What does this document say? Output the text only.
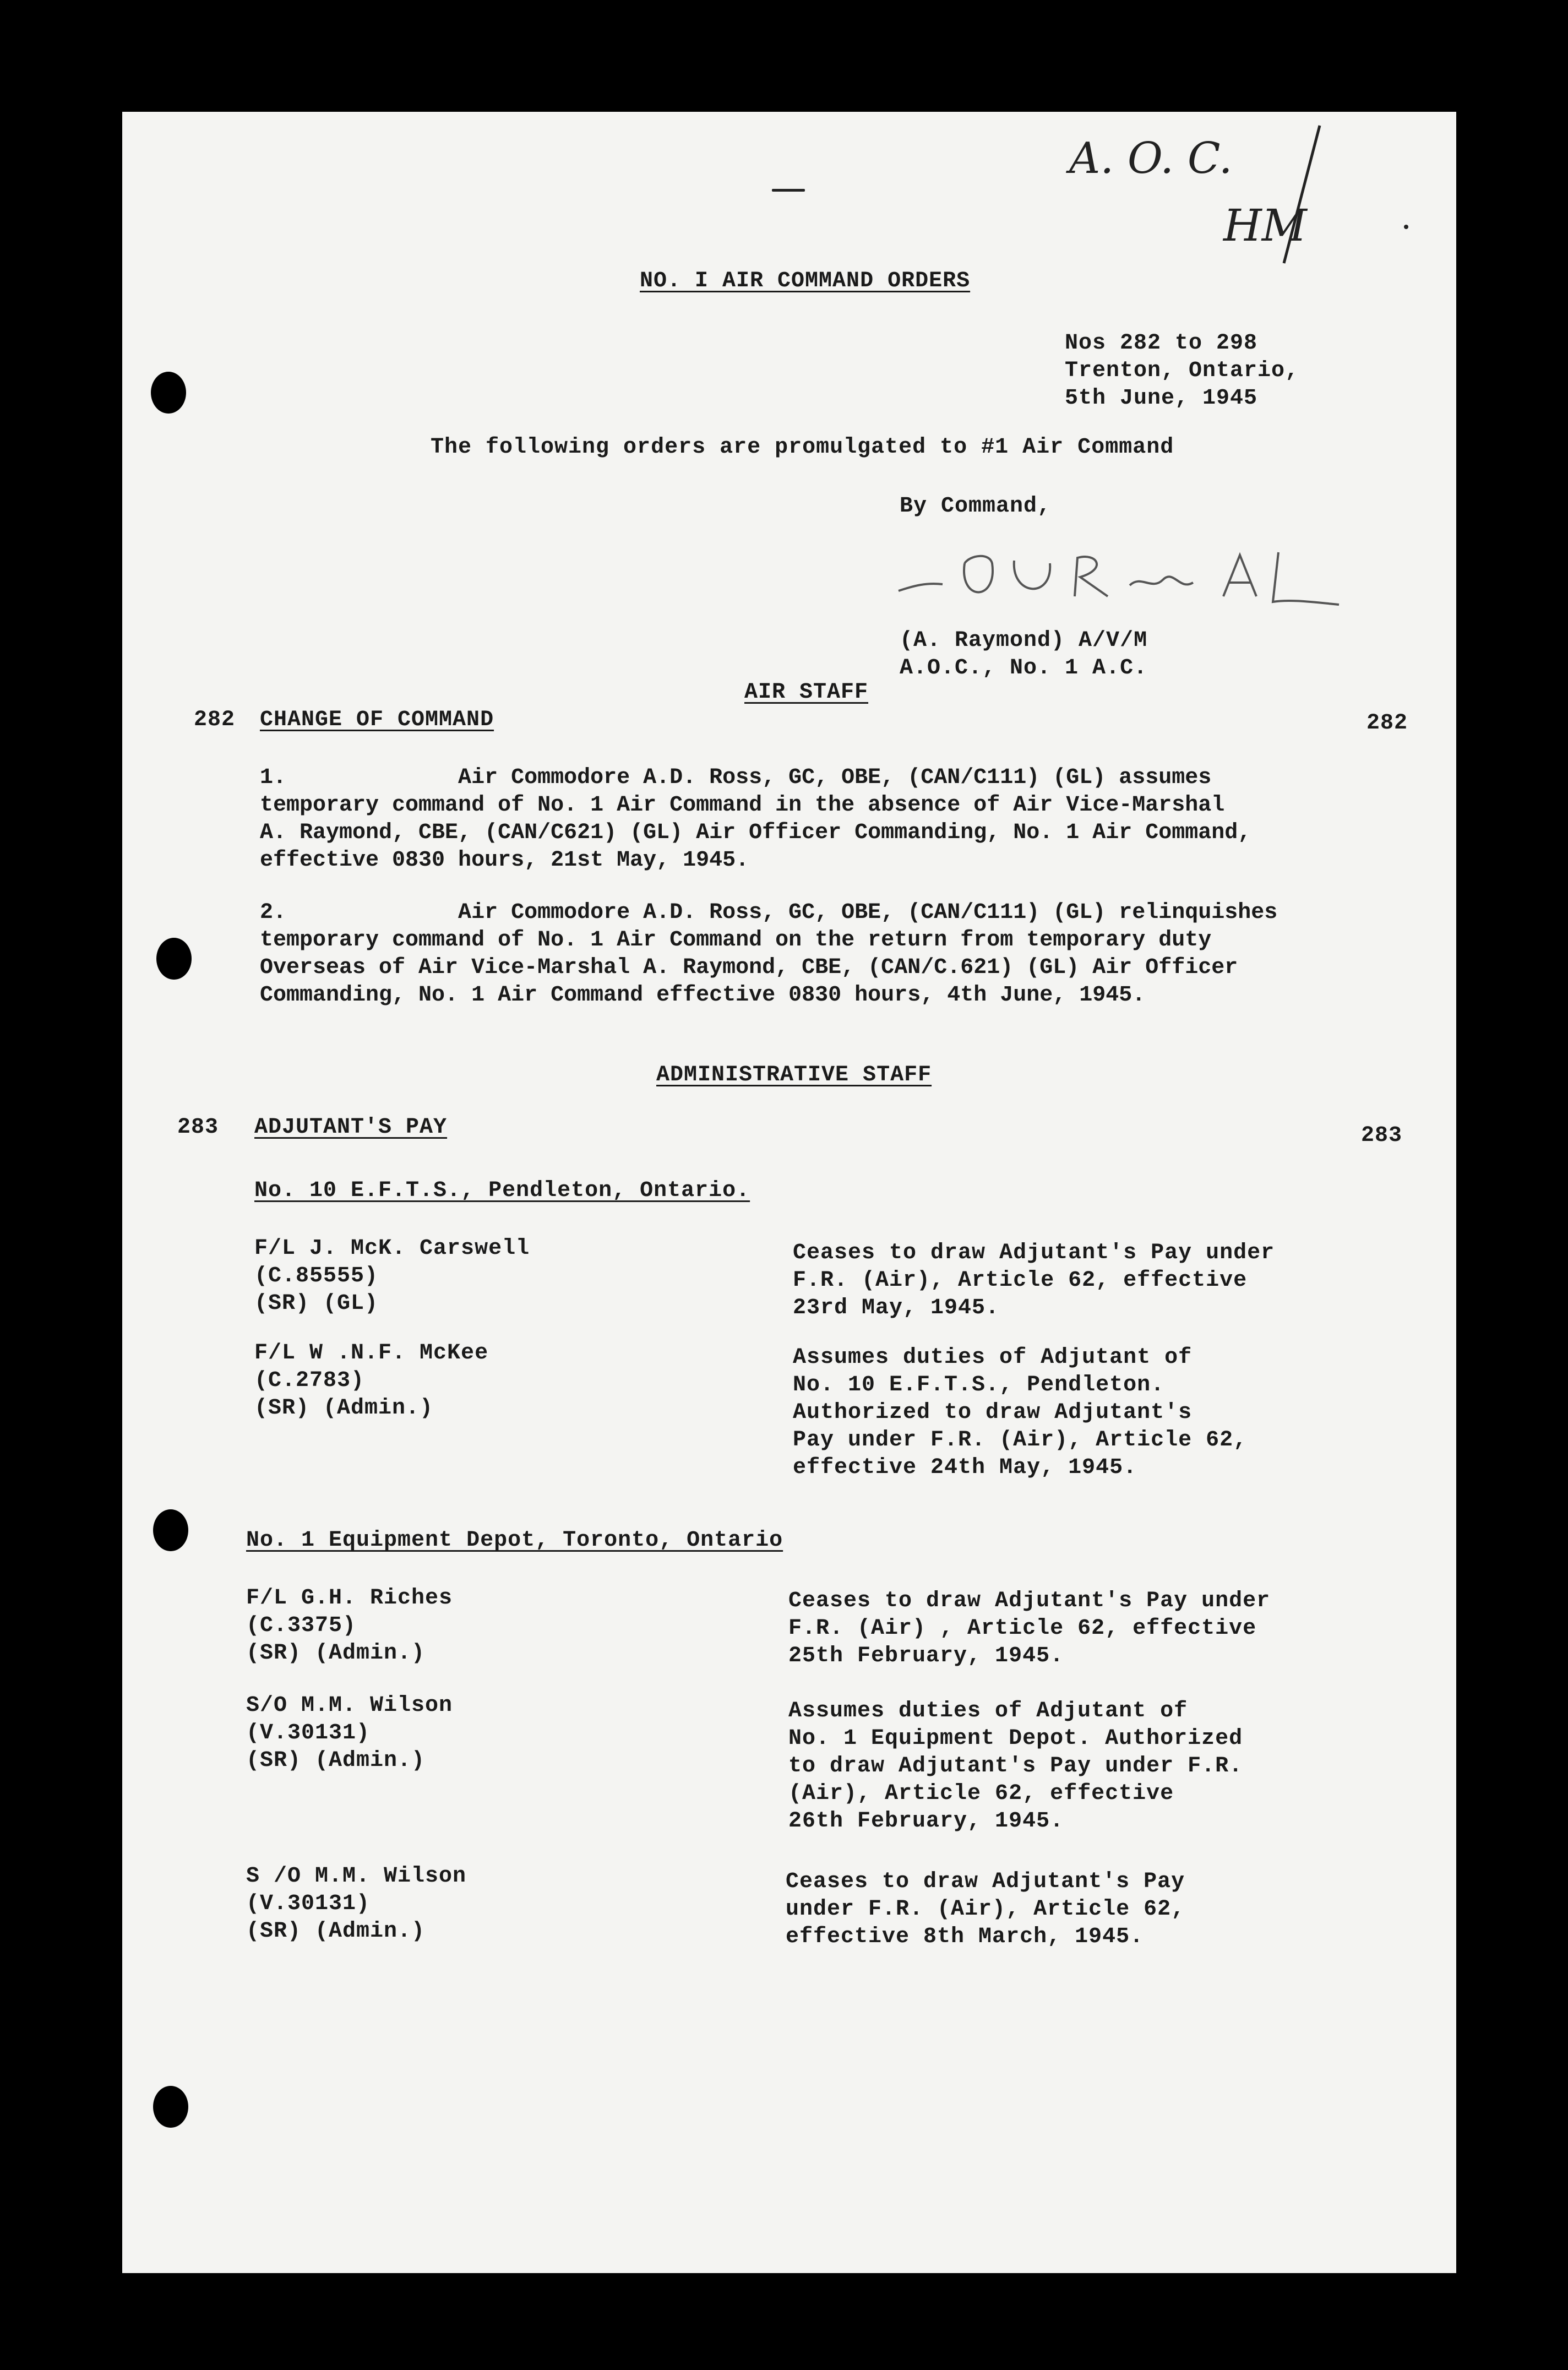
A. O. C.
HM
NO. I AIR COMMAND ORDERS
Nos 282 to 298
Trenton, Ontario,
5th June, 1945
The following orders are promulgated to #1 Air Command
By Command,
(A. Raymond) A/V/M
A.O.C., No. 1 A.C.
AIR STAFF
282 CHANGE OF COMMAND	282
1.             Air Commodore A.D. Ross, GC, OBE, (CAN/C111) (GL) assumes
temporary command of No. 1 Air Command in the absence of Air Vice-Marshal
A. Raymond, CBE, (CAN/C621) (GL) Air Officer Commanding, No. 1 Air Command,
effective 0830 hours, 21st May, 1945.
2.             Air Commodore A.D. Ross, GC, OBE, (CAN/C111) (GL) relinquishes
temporary command of No. 1 Air Command on the return from temporary duty
Overseas of Air Vice-Marshal A. Raymond, CBE, (CAN/C.621) (GL) Air Officer
Commanding, No. 1 Air Command effective 0830 hours, 4th June, 1945.
ADMINISTRATIVE STAFF
283 ADJUTANT'S PAY	283
No. 10 E.F.T.S., Pendleton, Ontario.
F/L J. McK. Carswell
(C.85555)
(SR) (GL)
Ceases to draw Adjutant's Pay under
F.R. (Air), Article 62, effective
23rd May, 1945.
F/L W .N.F. McKee
(C.2783)
(SR) (Admin.)
Assumes duties of Adjutant of
No. 10 E.F.T.S., Pendleton.
Authorized to draw Adjutant's
Pay under F.R. (Air), Article 62,
effective 24th May, 1945.
No. 1 Equipment Depot, Toronto, Ontario
F/L G.H. Riches
(C.3375)
(SR) (Admin.)
Ceases to draw Adjutant's Pay under
F.R. (Air) , Article 62, effective
25th February, 1945.
S/O M.M. Wilson
(V.30131)
(SR) (Admin.)
Assumes duties of Adjutant of
No. 1 Equipment Depot. Authorized
to draw Adjutant's Pay under F.R.
(Air), Article 62, effective
26th February, 1945.
S /O M.M. Wilson
(V.30131)
(SR) (Admin.)
Ceases to draw Adjutant's Pay
under F.R. (Air), Article 62,
effective 8th March, 1945.
